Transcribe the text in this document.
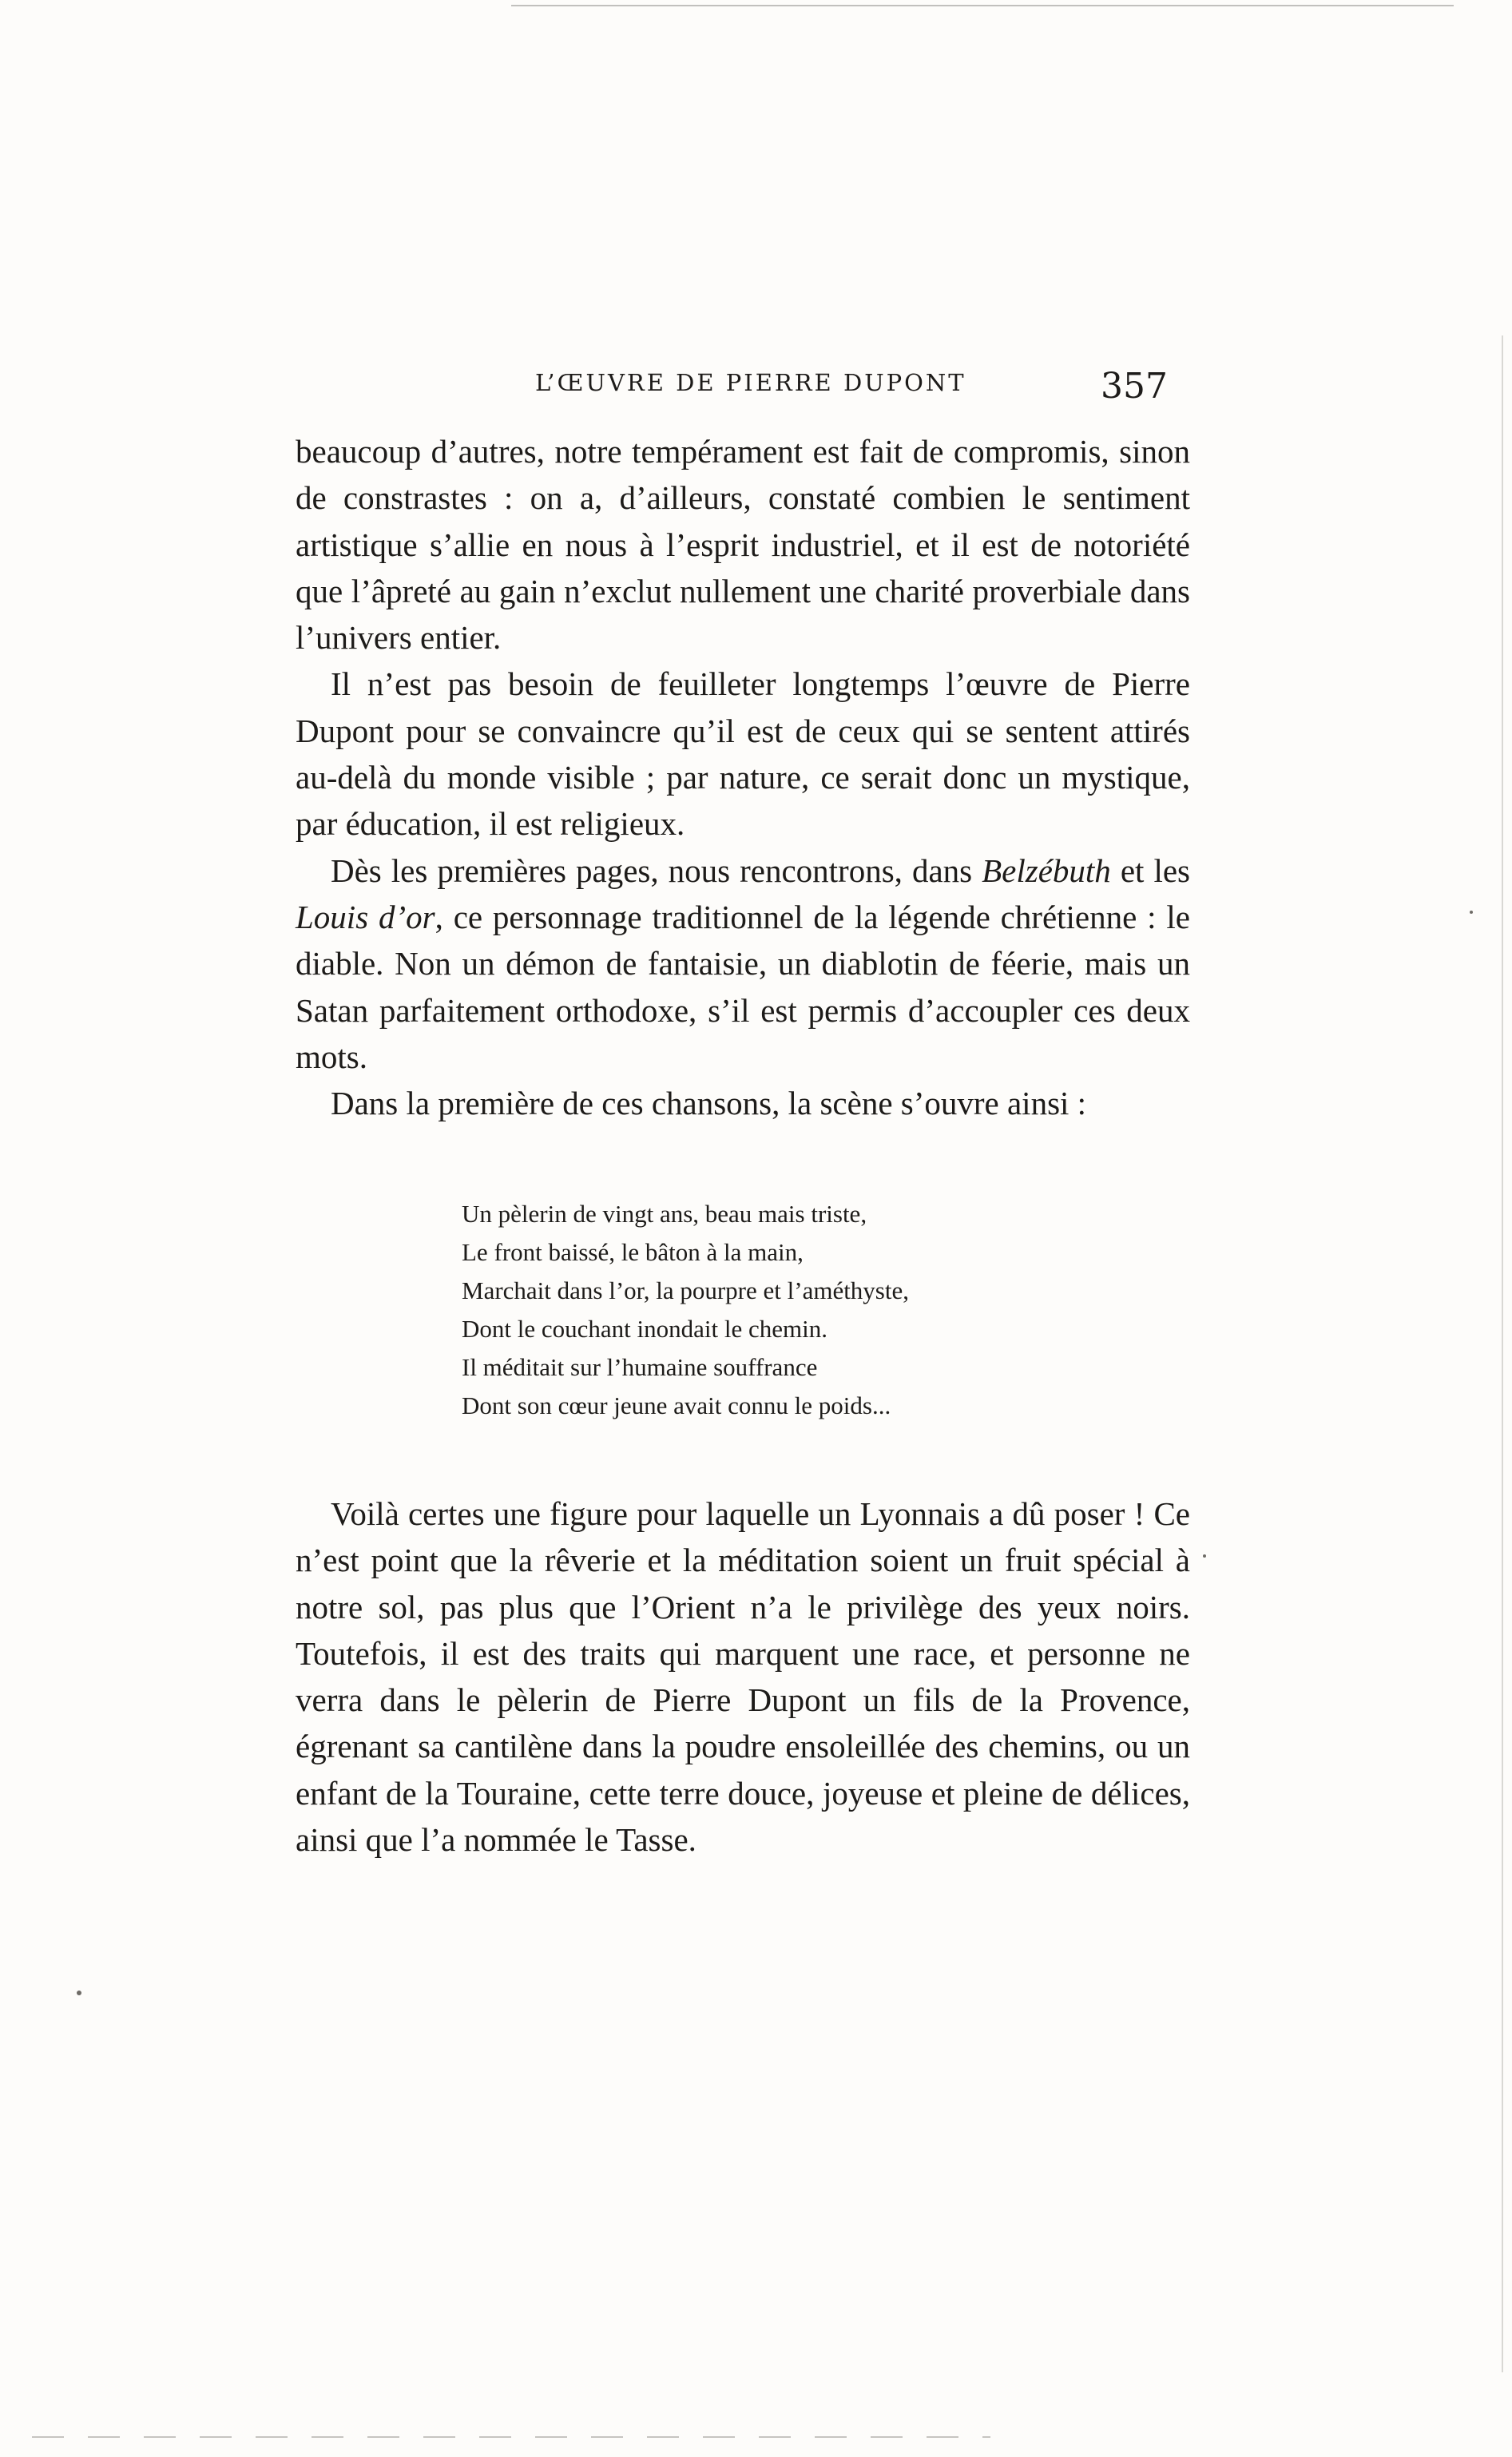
L’ŒUVRE DE PIERRE DUPONT	357

beaucoup d’autres, notre tempérament est fait de compromis, sinon de constrastes : on a, d’ailleurs, constaté combien le sentiment artistique s’allie en nous à l’esprit industriel, et il est de notoriété que l’âpreté au gain n’exclut nullement une charité proverbiale dans l’univers entier.

Il n’est pas besoin de feuilleter longtemps l’œuvre de Pierre Dupont pour se convaincre qu’il est de ceux qui se sentent attirés au-delà du monde visible ; par nature, ce serait donc un mystique, par éducation, il est religieux.

Dès les premières pages, nous rencontrons, dans Belzébuth et les Louis d’or, ce personnage traditionnel de la légende chrétienne : le diable. Non un démon de fantaisie, un diablotin de féerie, mais un Satan parfaitement orthodoxe, s’il est permis d’accoupler ces deux mots.

Dans la première de ces chansons, la scène s’ouvre ainsi :

Un pèlerin de vingt ans, beau mais triste,
Le front baissé, le bâton à la main,
Marchait dans l’or, la pourpre et l’améthyste,
Dont le couchant inondait le chemin.
Il méditait sur l’humaine souffrance
Dont son cœur jeune avait connu le poids...

Voilà certes une figure pour laquelle un Lyonnais a dû poser ! Ce n’est point que la rêverie et la méditation soient un fruit spécial à notre sol, pas plus que l’Orient n’a le privilège des yeux noirs. Toutefois, il est des traits qui marquent une race, et personne ne verra dans le pèlerin de Pierre Dupont un fils de la Provence, égrenant sa cantilène dans la poudre ensoleillée des chemins, ou un enfant de la Touraine, cette terre douce, joyeuse et pleine de délices, ainsi que l’a nommée le Tasse.
